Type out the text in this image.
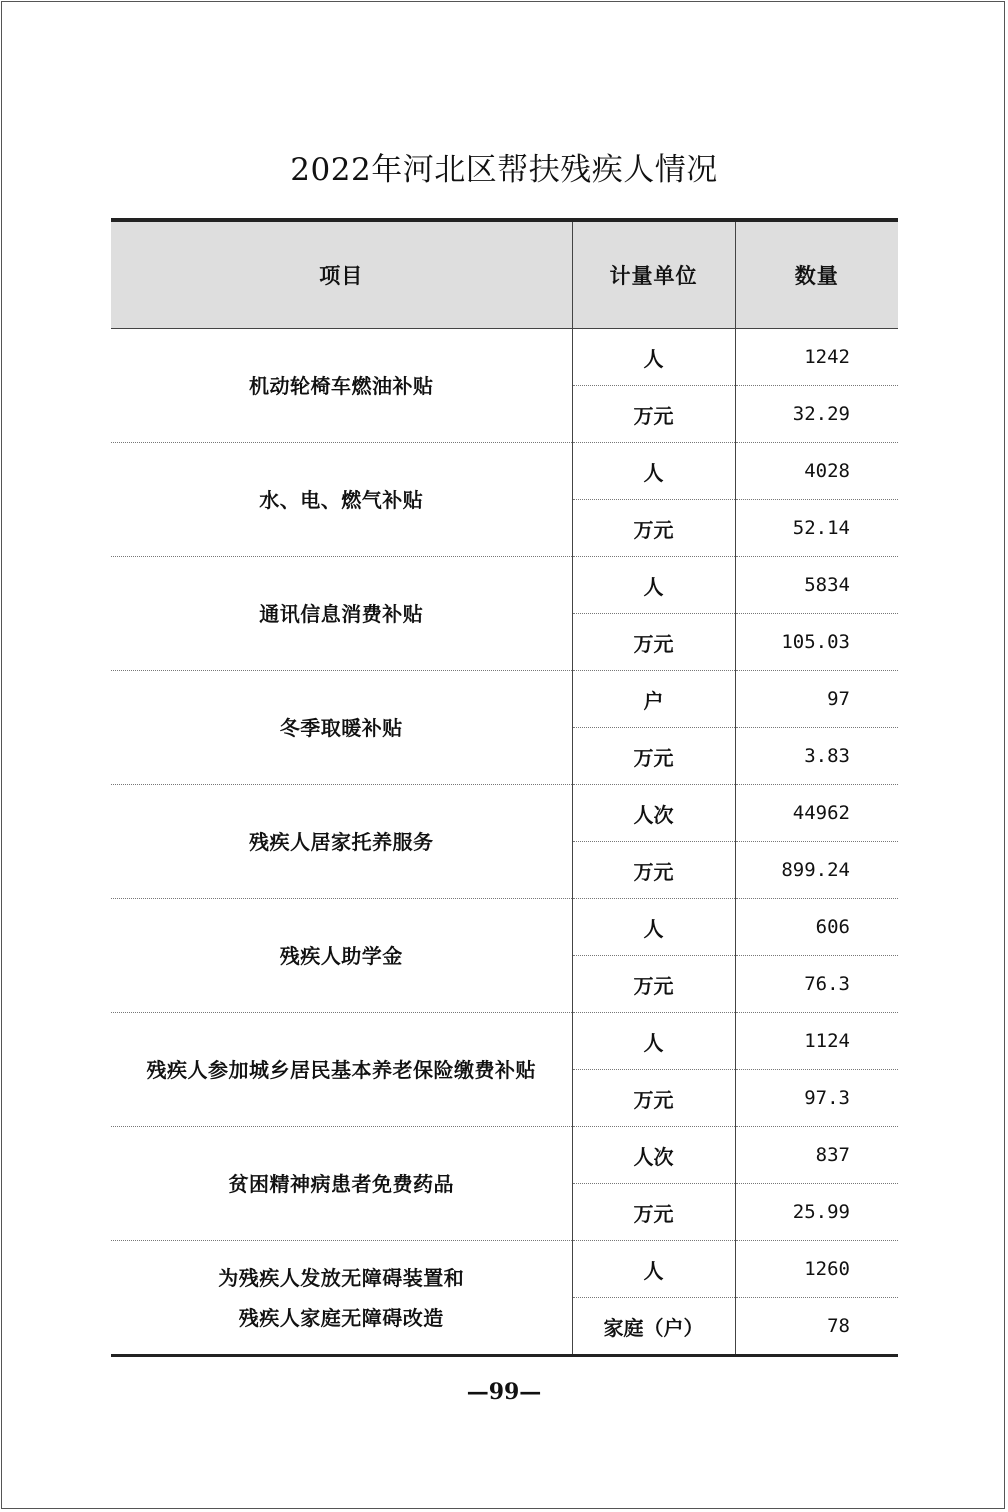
2022年河北区帮扶残疾人情况
项目	计量单位	数量

机动轮椅车燃油补贴	人	1242
	万元	32.29

水、电、燃气补贴	人	4028
	万元	52.14

通讯信息消费补贴	人	5834
	万元	105.03

冬季取暖补贴	户	97
	万元	3.83

残疾人居家托养服务	人次	44962
	万元	899.24

残疾人助学金	人	606
	万元	76.3

残疾人参加城乡居民基本养老保险缴费补贴	人	1124
	万元	97.3

贫困精神病患者免费药品	人次	837
	万元	25.99

为残疾人发放无障碍装置和
残疾人家庭无障碍改造	人	1260
	家庭（户）	78
—99—
